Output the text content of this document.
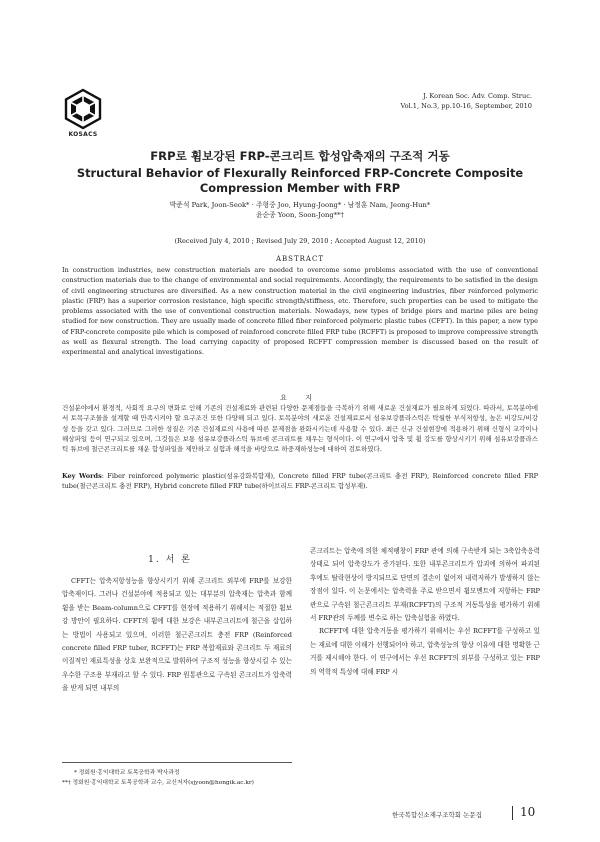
KOSACS
J. Korean Soc. Adv. Comp. Struc.
Vol.1, No.3, pp.10-16, September, 2010
FRP로 휨보강된 FRP-콘크리트 합성압축재의 구조적 거동
Structural Behavior of Flexurally Reinforced FRP-Concrete Composite Compression Member with FRP
박준석 Park, Joon-Seok* · 주형중 Joo, Hyung-Joong* · 남정훈 Nam, Jeong-Hun*
윤순종 Yoon, Soon-Jong**†
(Received July 4, 2010 ; Revised July 29, 2010 ; Accepted August 12, 2010)
ABSTRACT
In construction industries, new construction materials are needed to overcome some problems associated with the use of conventional construction materials due to the change of environmental and social requirements. Accordingly, the requirements to be satisfied in the design of civil engineering structures are diversified. As a new construction material in the civil engineering industries, fiber reinforced polymeric plastic (FRP) has a superior corrosion resistance, high specific strength/stiffness, etc. Therefore, such properties can be used to mitigate the problems associated with the use of conventional construction materials. Nowadays, new types of bridge piers and marine piles are being studied for new construction. They are usually made of concrete filled fiber reinforced polymeric plastic tubes (CFFT). In this paper, a new type of FRP-concrete composite pile which is composed of reinforced concrete filled FRP tube (RCFFT) is proposed to improve compressive strength as well as flexural strength. The load carrying capacity of proposed RCFFT compression member is discussed based on the result of experimental and analytical investigations.
요 지
건설분야에서 환경적, 사회적 요구의 변화로 인해 기존의 건설재료와 관련된 다양한 문제점들을 극복하기 위해 새로운 건설재료가 필요하게 되었다. 따라서, 토목분야에서 토목구조물을 설계할 때 만족시켜야 할 요구조건 또한 다양해 되고 있다. 토목분야의 새로운 건설재료로서 섬유보강플라스틱은 탁월한 부식저항성, 높은 비강도/비강성 등을 갖고 있다. 그러므로 그러한 성질은 기존 건설재료의 사용에 따른 문제점을 완화시키는데 사용할 수 있다. 최근 신규 건설현장에 적용하기 위해 신형식 교각이나 해상파일 등이 연구되고 있으며, 그것들은 보통 섬유보강플라스틱 튜브에 콘크리트를 채우는 형식이다. 이 연구에서 압축 및 휨 강도를 향상시키기 위해 섬유보강플라스틱 튜브에 철근콘크리트를 채운 합성파일을 제안하고 실험과 해석을 바탕으로 하중재하성능에 대하여 검토하였다.
Key Words: Fiber reinforced polymeric plastic(섬유강화복합재), Concrete filled FRP tube(콘크리트 충전 FRP), Reinforced concrete filled FRP tube(철근콘크리트 충전 FRP), Hybrid concrete filled FRP tube(하이브리드 FRP-콘크리트 합성부재).
1. 서 론

CFFT는 압축저항성능을 향상시키기 위해 콘크리트 외부에 FRP를 보강한 압축재이다. 그러나 건설분야에 적용되고 있는 대부분의 압축재는 압축과 함께 휨을 받는 Beam-column으로 CFFT를 현장에 적용하기 위해서는 적절한 휨보강 방안이 필요하다. CFFT의 휨에 대한 보강은 내부콘크리트에 철근을 삽입하는 방법이 사용되고 있으며, 이러한 철근콘크리트 충전 FRP (Reinforced concrete filled FRP tuber, RCFFT)는 FRP 복합재료와 콘크리트 두 재료의 이질적인 재료특성을 상호 보완적으로 발휘하여 구조적 성능을 향상시킬 수 있는 우수한 구조용 부재라고 할 수 있다. FRP 원통관으로 구속된 콘크리트가 압축력을 받게 되면 내부의

콘크리트는 압축에 의한 체적팽창이 FRP 관에 의해 구속받게 되는 3축압축응력상태로 되어 압축강도가 증가된다. 또한 내부콘크리트가 압괴에 의하여 파괴된 후에도 탈락현상이 방지되므로 단면의 결손이 없어져 내력저하가 발생하지 않는 장점이 있다. 이 논문에서는 압축력을 주로 받으면서 휨모멘트에 저항하는 FRP 관으로 구속된 철근콘크리트 부재(RCFFT)의 구조적 거동특성을 평가하기 위해서 FRP관의 두께를 변수로 하는 압축실험을 하였다.

RCFFT에 대한 압축거동을 평가하기 위해서는 우선 RCFFT를 구성하고 있는 재료에 대한 이해가 선행되어야 하고, 압축성능의 향상 이유에 대한 명확한 근거를 제시해야 한다. 이 연구에서는 우선 RCFFT의 외부를 구성하고 있는 FRP의 역학적 특성에 대해 FRP 시

* 정회원·홍익대학교 토목공학과 박사과정
**† 정회원·홍익대학교 토목공학과 교수, 교신저자(sjyoon@hongik.ac.kr)
한국복합신소재구조학회 논문집	10
